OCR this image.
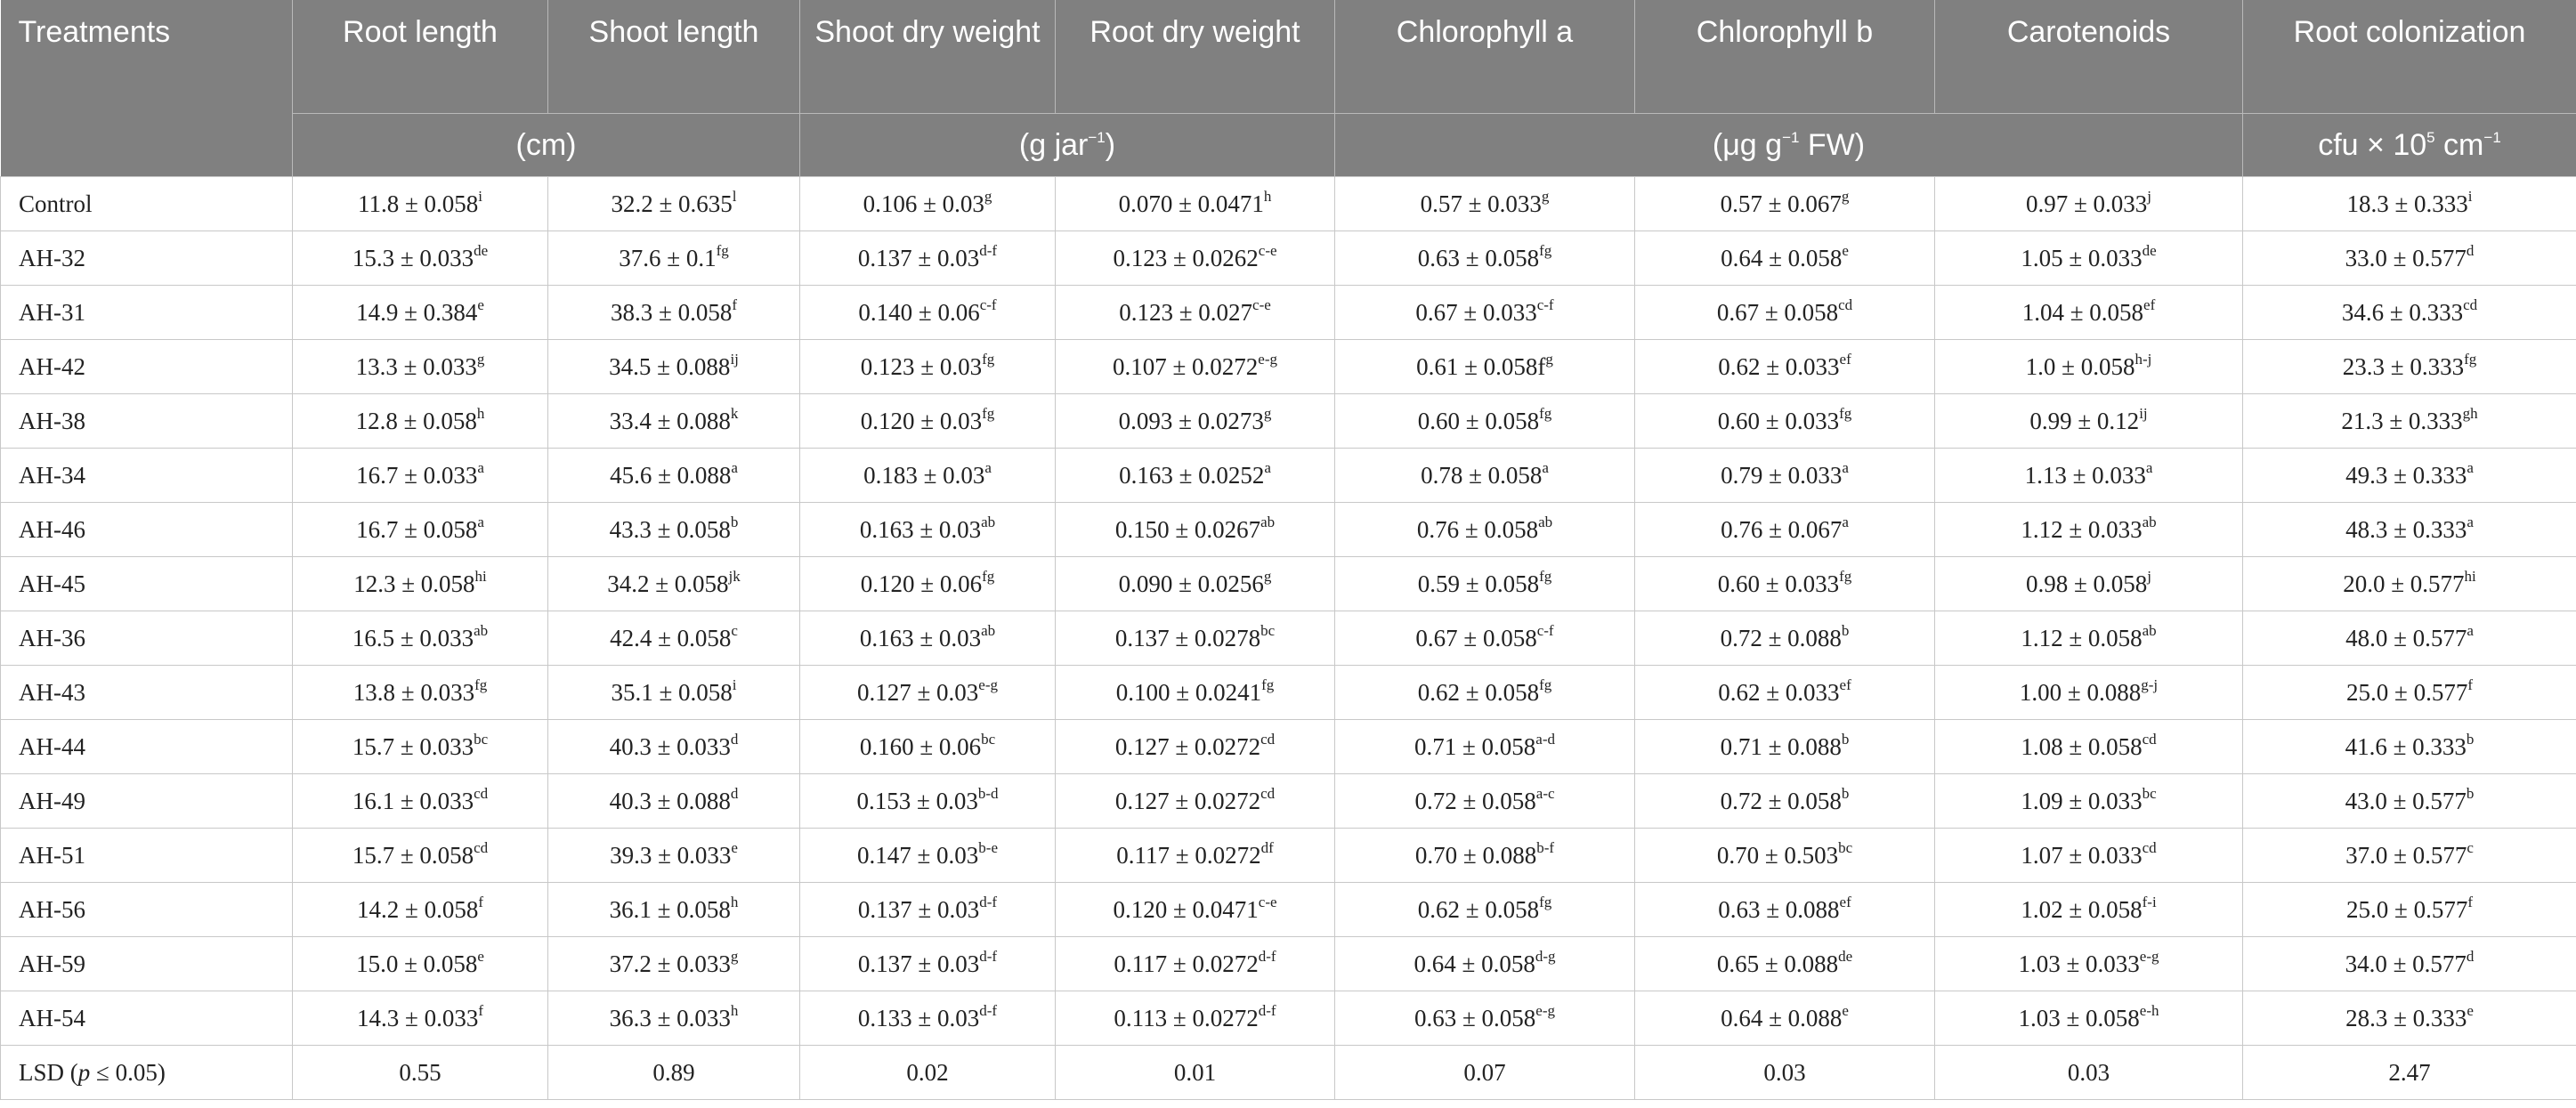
Treatments	Root length	Shoot length	Shoot dry weight	Root dry weight	Chlorophyll a	Chlorophyll b	Carotenoids	Root colonization
	(cm)		(g jar$^{-1}$)		(μg $g^{-1}$ FW)			cfu × $10^5$ $cm^{-1}$
Control	$11.8 \pm 0.058^i$	$32.2 \pm 0.635^l$	0.106 ± 0.03$^g$	0.070 ± 0.0471$^h$	0.57 ± 0.033$^g$	0.57 ± 0.067$^g$	$0.97 \pm 0.033^j$	$18.3 \pm 0.333^i$
AH-32	15.3 ± 0.033de	37.6 ± 0.1$^{fg}$	$0.137 \pm 0.03^{d-f}$	$0.123 \pm 0.0262^{c-e}$	0.63 ± 0.058$^{fg}$	0.64 ± 0.058$^e$	1.05 ± 0.033de	33.0 ± 0.577$^d$
AH-31	14.9 ± 0.384$^e$	38.3 ± 0.058$^f$	$0.140 \pm 0.06^{c-f}$	$0.123 \pm 0.027^{c-e}$	$0.67 \pm 0.033^{c-f}$	0.67 ± 0.058$^{cd}$	1.04 ± 0.058$^{ef}$	34.6 ± 0.333$^{cd}$
AH-42	13.3 ± 0.033$^g$	$34.5 \pm 0.088^{ij}$	0.123 ± 0.03$^{fg}$	$0.107 \pm 0.0272^{e-g}$	$0.61 \pm 0.058f^g$	0.62 ± 0.033$^{ef}$	$1.0 \pm 0.058^{h-j}$	23.3 ± 0.333$^{fg}$
AH-38	12.8 ± 0.058$^h$	$33.4 \pm 0.088^k$	0.120 ± 0.03$^{fg}$	0.093 ± 0.0273$^g$	0.60 ± 0.058$^{fg}$	0.60 ± 0.033$^{fg}$	$0.99 \pm 0.12^{ij}$	21.3 ± 0.333$^{gh}$
AH-34	16.7 ± 0.033$^a$	45.6 ± 0.088$^a$	0.183 ± 0.03$^a$	0.163 ± 0.0252$^a$	0.78 ± 0.058$^a$	0.79 ± 0.033$^a$	1.13 ± 0.033$^a$	49.3 ± 0.333$^a$
AH-46	16.7 ± 0.058$^a$	43.3 ± 0.058$^b$	0.163 ± 0.03$^{ab}$	0.150 ± 0.0267$^{ab}$	0.76 ± 0.058$^{ab}$	0.76 ± 0.067$^a$	1.12 ± 0.033$^{ab}$	48.3 ± 0.333$^a$
AH-45	$12.3 \pm 0.058^{hi}$	$34.2 \pm 0.058^{jk}$	0.120 ± 0.06$^{fg}$	0.090 ± 0.0256$^g$	0.59 ± 0.058$^{fg}$	0.60 ± 0.033$^{fg}$	$0.98 \pm 0.058^j$	$20.0 \pm 0.577^{hi}$
AH-36	16.5 ± 0.033$^{ab}$	42.4 ± 0.058$^c$	0.163 ± 0.03$^{ab}$	0.137 ± 0.0278$^{bc}$	$0.67 \pm 0.058^{c-f}$	0.72 ± 0.088$^b$	1.12 ± 0.058$^{ab}$	48.0 ± 0.577$^a$
AH-43	13.8 ± 0.033$^{fg}$	$35.1 \pm 0.058^i$	$0.127 \pm 0.03^{e-g}$	0.100 ± 0.0241$^{fg}$	0.62 ± 0.058$^{fg}$	0.62 ± 0.033$^{ef}$	$1.00 \pm 0.088^{g-j}$	25.0 ± 0.577$^f$
AH-44	15.7 ± 0.033$^{bc}$	40.3 ± 0.033$^d$	0.160 ± 0.06$^{bc}$	0.127 ± 0.0272$^{cd}$	$0.71 \pm 0.058^{a-d}$	0.71 ± 0.088$^b$	1.08 ± 0.058$^{cd}$	41.6 ± 0.333$^b$
AH-49	16.1 ± 0.033$^{cd}$	40.3 ± 0.088$^d$	$0.153 \pm 0.03^{b-d}$	0.127 ± 0.0272$^{cd}$	$0.72 \pm 0.058^{a-c}$	0.72 ± 0.058$^b$	1.09 ± 0.033$^{bc}$	43.0 ± 0.577$^b$
AH-51	15.7 ± 0.058$^{cd}$	39.3 ± 0.033$^e$	$0.147 \pm 0.03^{b-e}$	0.117 ± 0.0272$^{df}$	$0.70 \pm 0.088^{b-f}$	0.70 ± 0.503$^{bc}$	1.07 ± 0.033$^{cd}$	37.0 ± 0.577$^c$
AH-56	14.2 ± 0.058$^f$	36.1 ± 0.058$^h$	$0.137 \pm 0.03^{d-f}$	$0.120 \pm 0.0471^{c-e}$	0.62 ± 0.058$^{fg}$	0.63 ± 0.088$^{ef}$	$1.02 \pm 0.058^{f-i}$	25.0 ± 0.577$^f$
AH-59	15.0 ± 0.058$^e$	37.2 ± 0.033$^g$	$0.137 \pm 0.03^{d-f}$	$0.117 \pm 0.0272^{d-f}$	$0.64 \pm 0.058^{d-g}$	0.65 ± 0.088de	$1.03 \pm 0.033^{e-g}$	34.0 ± 0.577$^d$
AH-54	14.3 ± 0.033$^f$	36.3 ± 0.033$^h$	$0.133 \pm 0.03^{d-f}$	$0.113 \pm 0.0272^{d-f}$	$0.63 \pm 0.058^{e-g}$	0.64 ± 0.088$^e$	$1.03 \pm 0.058^{e-h}$	28.3 ± 0.333$^e$
LSD (p ≤ 0.05)	0.55	0.89	0.02	0.01	0.07	0.03	0.03	2.47
